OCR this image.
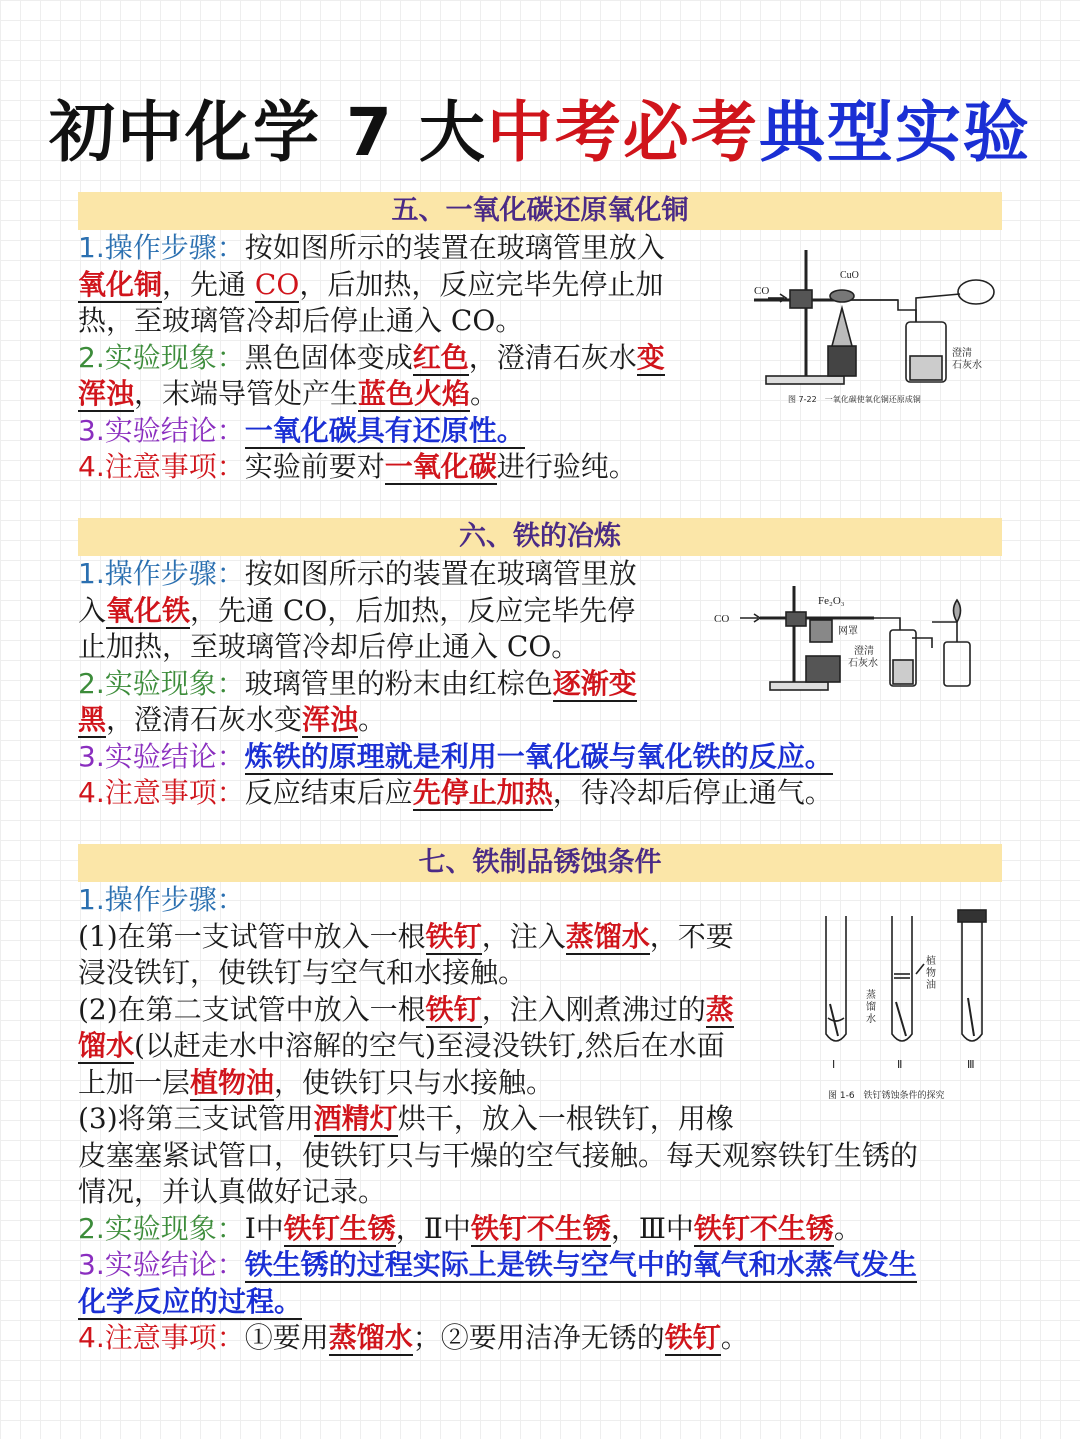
初中化学 7 大中考必考典型实验
五、一氧化碳还原氧化铜
1.操作步骤：按如图所示的装置在玻璃管里放入
氧化铜，先通 CO，后加热，反应完毕先停止加
热，至玻璃管冷却后停止通入 CO。
2.实验现象：黑色固体变成红色，澄清石灰水变
浑浊，末端导管处产生蓝色火焰。
3.实验结论：一氧化碳具有还原性。
4.注意事项：实验前要对一氧化碳进行验纯。
CO
CuO
澄清
石灰水
图 7-22　一氧化碳使氧化铜还原成铜
六、铁的冶炼
1.操作步骤：按如图所示的装置在玻璃管里放
入氧化铁，先通 CO，后加热，反应完毕先停
止加热，至玻璃管冷却后停止通入 CO。
2.实验现象：玻璃管里的粉末由红棕色逐渐变
黑，澄清石灰水变浑浊。
3.实验结论：炼铁的原理就是利用一氧化碳与氧化铁的反应。
4.注意事项：反应结束后应先停止加热，待冷却后停止通气。
CO
Fe₂O₃
网罩
澄清
石灰水
七、铁制品锈蚀条件
1.操作步骤：
(1)在第一支试管中放入一根铁钉，注入蒸馏水，不要
浸没铁钉，使铁钉与空气和水接触。
(2)在第二支试管中放入一根铁钉，注入刚煮沸过的蒸
馏水(以赶走水中溶解的空气)至浸没铁钉,然后在水面
上加一层植物油，使铁钉只与水接触。
(3)将第三支试管用酒精灯烘干，放入一根铁钉，用橡
皮塞塞紧试管口，使铁钉只与干燥的空气接触。每天观察铁钉生锈的
情况，并认真做好记录。
2.实验现象：Ⅰ中铁钉生锈，Ⅱ中铁钉不生锈，Ⅲ中铁钉不生锈。
3.实验结论：铁生锈的过程实际上是铁与空气中的氧气和水蒸气发生
化学反应的过程。
4.注意事项：①要用蒸馏水；②要用洁净无锈的铁钉。
植
物
油
蒸
馏
水
Ⅰ	Ⅱ	Ⅲ
图 1-6　铁钉锈蚀条件的探究
